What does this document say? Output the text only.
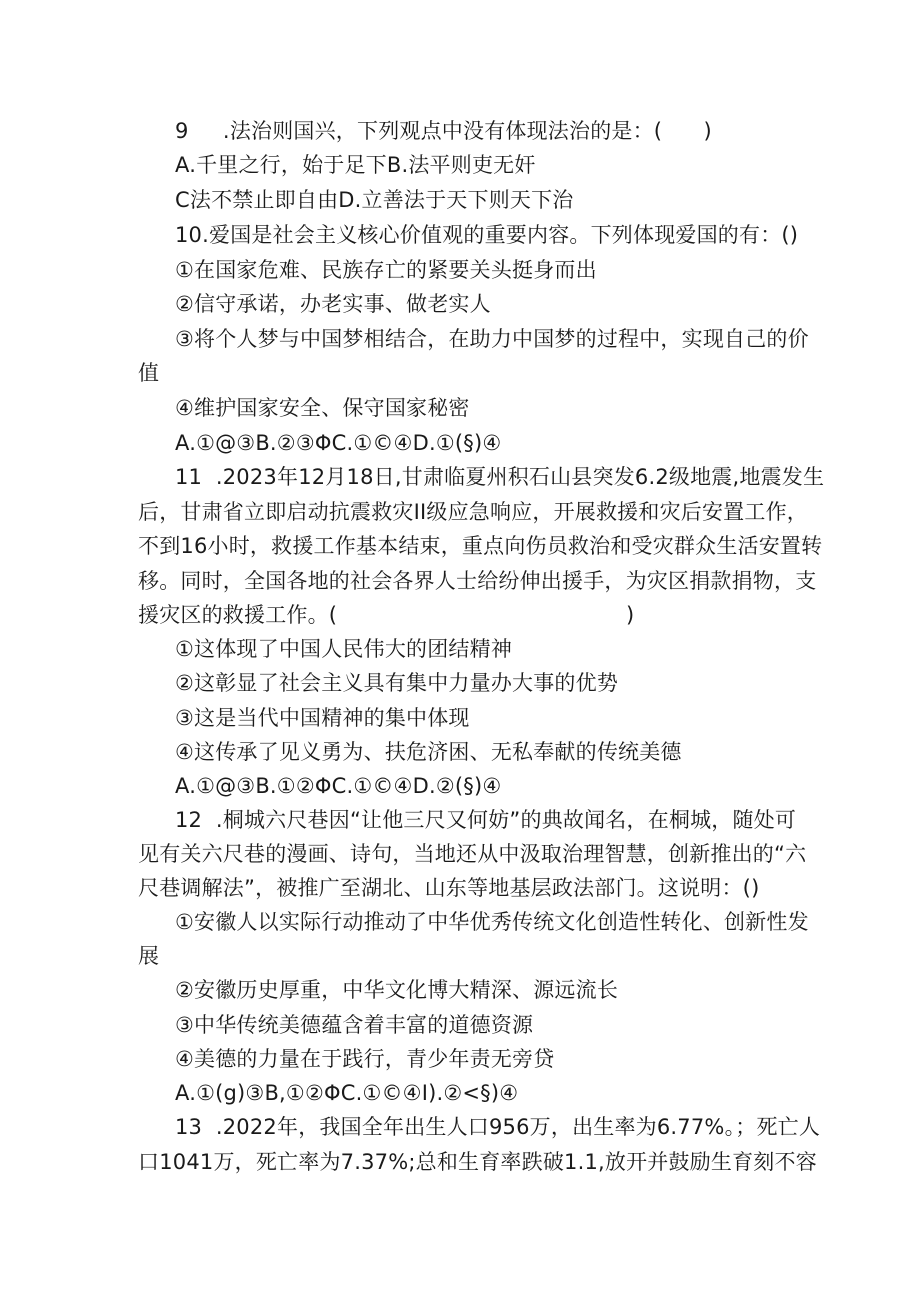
9     .法治则国兴，下列观点中没有体现法治的是：(      )
A.千里之行，始于足下B.法平则吏无奸
C法不禁止即自由D.立善法于天下则天下治
10.爱国是社会主义核心价值观的重要内容。下列体现爱国的有：()
①在国家危难、民族存亡的紧要关头挺身而出
②信守承诺，办老实事、做老实人
③将个人梦与中国梦相结合，在助力中国梦的过程中，实现自己的价
值
④维护国家安全、保守国家秘密
A.①@③B.②③ΦC.①©④D.①(§)④
11  .2023年12月18日,甘肃临夏州积石山县突发6.2级地震,地震发生
后，甘肃省立即启动抗震救灾II级应急响应，开展救援和灾后安置工作，
不到16小时，救援工作基本结束，重点向伤员救治和受灾群众生活安置转
移。同时，全国各地的社会各界人士给纷伸出援手，为灾区捐款捐物，支
援灾区的救援工作。(                                          )
①这体现了中国人民伟大的团结精神
②这彰显了社会主义具有集中力量办大事的优势
③这是当代中国精神的集中体现
④这传承了见义勇为、扶危济困、无私奉献的传统美德
A.①@③B.①②ΦC.①©④D.②(§)④
12  .桐城六尺巷因“让他三尺又何妨”的典故闻名，在桐城，随处可
见有关六尺巷的漫画、诗句，当地还从中汲取治理智慧，创新推出的“六
尺巷调解法”，被推广至湖北、山东等地基层政法部门。这说明：()
①安徽人以实际行动推动了中华优秀传统文化创造性转化、创新性发
展
②安徽历史厚重，中华文化博大精深、源远流长
③中华传统美德蕴含着丰富的道德资源
④美德的力量在于践行，青少年责无旁贷
A.①(g)③B,①②ΦC.①©④I).②<§)④
13  .2022年，我国全年出生人口956万，出生率为6.77%。；死亡人
口1041万，死亡率为7.37%;总和生育率跌破1.1,放开并鼓励生育刻不容
